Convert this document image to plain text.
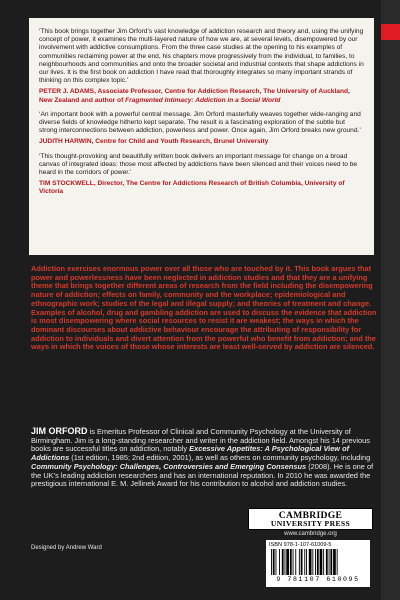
‘This book brings together Jim Orford’s vast knowledge of addiction research and theory and, using the unifying concept of power, it examines the multi-layered nature of how we are, at several levels, disempowered by our involvement with addictive consumptions. From the three case studies at the opening to his examples of communities reclaiming power at the end, his chapters move progressively from the individual, to families, to neighbourhoods and communities and onto the broader societal and industrial contexts that shape addictions in our lives. It is the first book on addiction I have read that thoroughly integrates so many important strands of thinking on this complex topic.’

PETER J. ADAMS, Associate Professor, Centre for Addiction Research, The University of Auckland, New Zealand and author of Fragmented Intimacy: Addiction in a Social World

‘An important book with a powerful central message. Jim Orford masterfully weaves together wide-ranging and diverse fields of knowledge hitherto kept separate. The result is a fascinating exploration of the subtle but strong interconnections between addiction, powerless and power. Once again, Jim Orford breaks new ground.’

JUDITH HARWIN, Centre for Child and Youth Research, Brunel University

‘This thought-provoking and beautifully written book delivers an important message for change on a broad canvas of integrated ideas: those most affected by addictions have been silenced and their voices need to be heard in the corridors of power.’

TIM STOCKWELL, Director, The Centre for Addictions Research of British Columbia, University of Victoria

Addiction exercises enormous power over all those who are touched by it. This book argues that power and powerlessness have been neglected in addiction studies and that they are a unifying theme that brings together different areas of research from the field including the disempowering nature of addiction; effects on family, community and the workplace; epidemiological and ethnographic work; studies of the legal and illegal supply; and theories of treatment and change. Examples of alcohol, drug and gambling addiction are used to discuss the evidence that addiction is most disempowering where social resources to resist it are weakest; the ways in which the dominant discourses about addictive behaviour encourage the attributing of responsibility for addiction to individuals and divert attention from the powerful who benefit from addiction; and the ways in which the voices of those whose interests are least well-served by addiction are silenced.

JIM ORFORD is Emeritus Professor of Clinical and Community Psychology at the University of Birmingham. Jim is a long-standing researcher and writer in the addiction field. Amongst his 14 previous books are successful titles on addiction, notably Excessive Appetites: A Psychological View of Addictions (1st edition, 1985; 2nd edition, 2001), as well as others on community psychology, including Community Psychology: Challenges, Controversies and Emerging Consensus (2008). He is one of the UK’s leading addiction researchers and has an international reputation. In 2010 he was awarded the prestigious international E. M. Jellinek Award for his contribution to alcohol and addiction studies.

CAMBRIDGE
UNIVERSITY PRESS
www.cambridge.org
Designed by Andrew Ward	ISBN 978-1-107-61009-5
9 781107 610095
